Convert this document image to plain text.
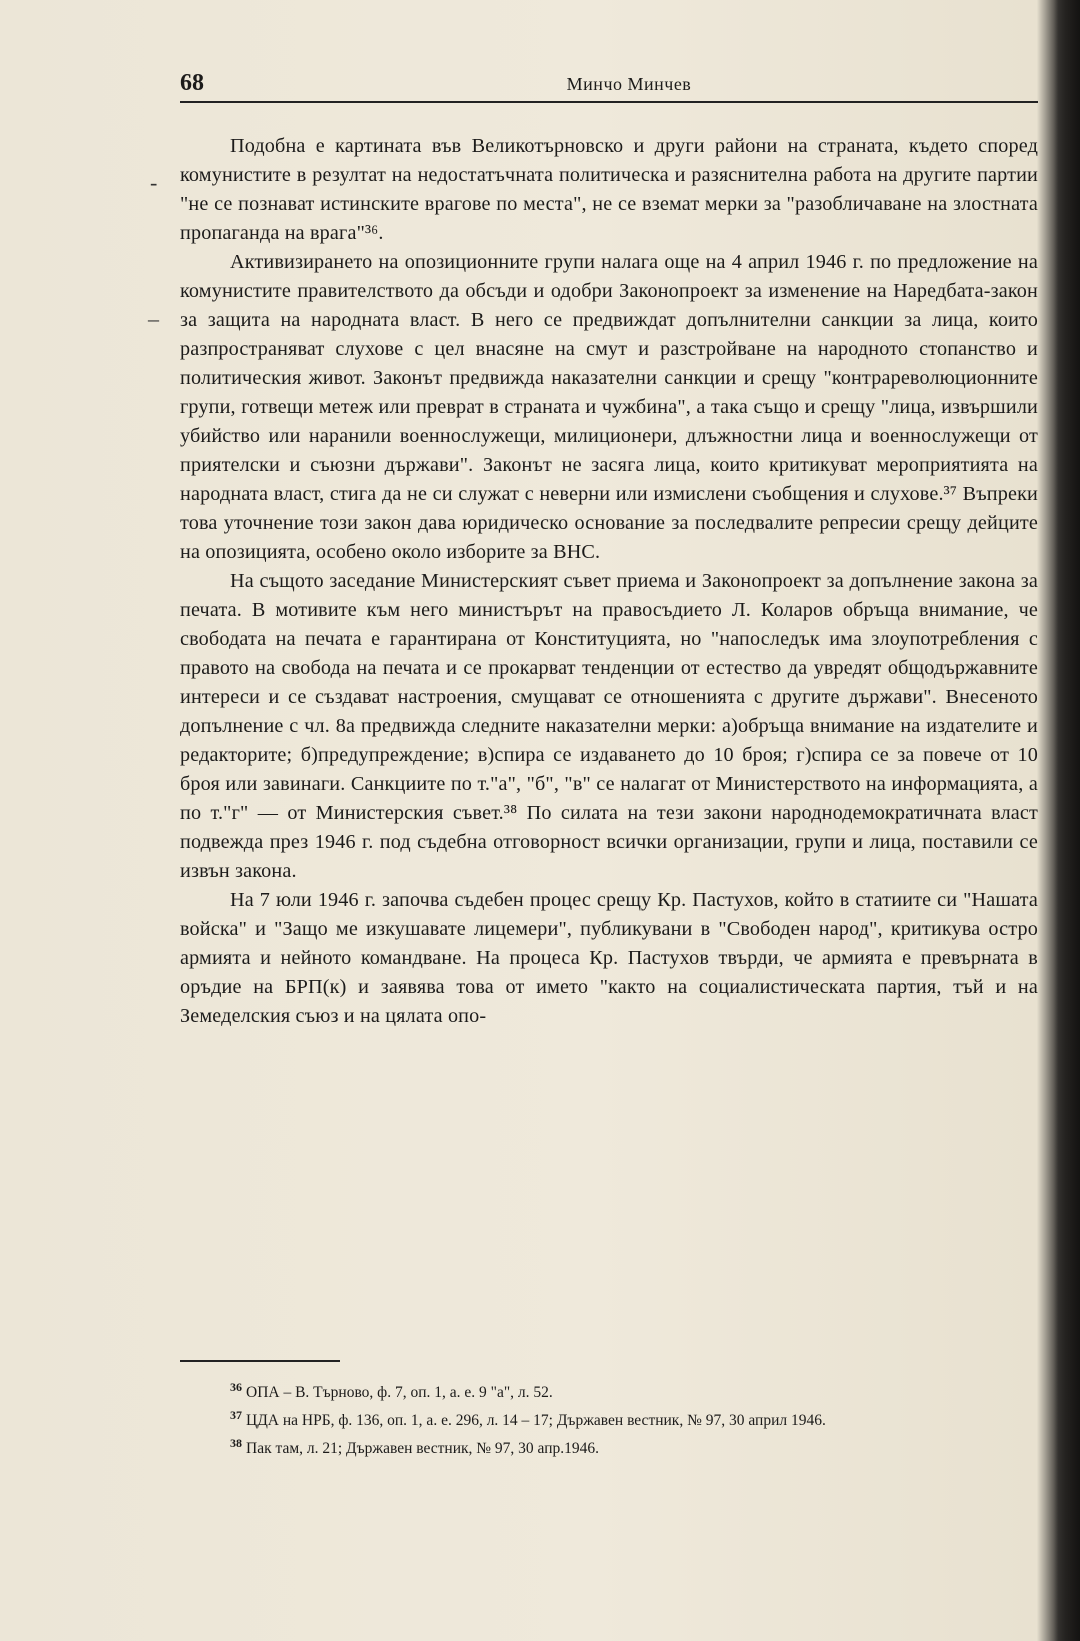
68	Минчо Минчев
-
–

Подобна е картината във Великотърновско и други райони на страната, където според комунистите в резултат на недостатъчната политическа и разяснителна работа на другите партии "не се познават истинските врагове по места", не се вземат мерки за "разобличаване на злостната пропаганда на врага"³⁶.

Активизирането на опозиционните групи налага още на 4 април 1946 г. по предложение на комунистите правителството да обсъди и одобри Законопроект за изменение на Наредбата-закон за защита на народната власт. В него се предвиждат допълнителни санкции за лица, които разпространяват слухове с цел внасяне на смут и разстройване на народното стопанство и политическия живот. Законът предвижда наказателни санкции и срещу "контрареволюционните групи, готвещи метеж или преврат в страната и чужбина", а така също и срещу "лица, извършили убийство или наранили военнослужещи, милиционери, длъжностни лица и военнослужещи от приятелски и съюзни държави". Законът не засяга лица, които критикуват мероприятията на народната власт, стига да не си служат с неверни или измислени съобщения и слухове.³⁷ Въпреки това уточнение този закон дава юридическо основание за последвалите репресии срещу дейците на опозицията, особено около изборите за ВНС.

На същото заседание Министерският съвет приема и Законопроект за допълнение закона за печата. В мотивите към него министърът на правосъдието Л. Коларов обръща внимание, че свободата на печата е гарантирана от Конституцията, но "напоследък има злоупотребления с правото на свобода на печата и се прокарват тенденции от естество да увредят общодържавните интереси и се създават настроения, смущават се отношенията с другите държави". Внесеното допълнение с чл. 8а предвижда следните наказателни мерки: а)обръща внимание на издателите и редакторите; б)предупреждение; в)спира се издаването до 10 броя; г)спира се за повече от 10 броя или завинаги. Санкциите по т."а", "б", "в" се налагат от Министерството на информацията, а по т."г" — от Министерския съвет.³⁸ По силата на тези закони народнодемократичната власт подвежда през 1946 г. под съдебна отговорност всички организации, групи и лица, поставили се извън закона.

На 7 юли 1946 г. започва съдебен процес срещу Кр. Пастухов, който в статиите си "Нашата войска" и "Защо ме изкушавате лицемери", публикувани в "Свободен народ", критикува остро армията и нейното командване. На процеса Кр. Пастухов твърди, че армията е превърната в оръдие на БРП(к) и заявява това от името "както на социалистическата партия, тъй и на Земеделския съюз и на цялата опо-

$^{36}$ ОПА – В. Търново, ф. 7, оп. 1, а. е. 9 "а", л. 52.

$^{37}$ ЦДА на НРБ, ф. 136, оп. 1, а. е. 296, л. 14 – 17; Държавен вестник, № 97, 30 април 1946.

$^{38}$ Пак там, л. 21; Държавен вестник, № 97, 30 апр.1946.
